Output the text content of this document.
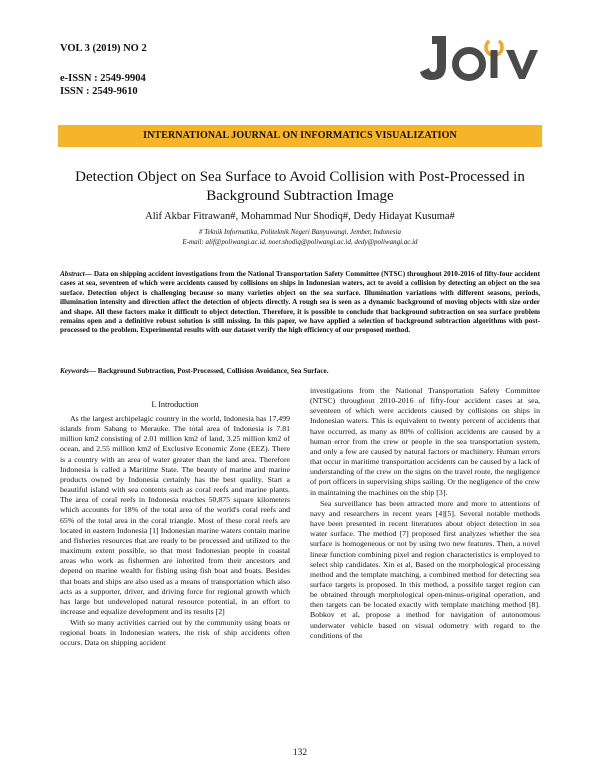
VOL 3 (2019) NO 2
e-ISSN : 2549-9904
ISSN : 2549-9610
INTERNATIONAL JOURNAL ON INFORMATICS VISUALIZATION
Detection Object on Sea Surface to Avoid Collision with Post-Processed in Background Subtraction Image
Alif Akbar Fitrawan#, Mohammad Nur Shodiq#, Dedy Hidayat Kusuma#
# Teknik Informatika, Politeknik Negeri Banyuwangi, Jember, Indonesia
E-mail: alif@poliwangi.ac.id, noer.shodiq@poliwangi.ac.id, dedy@poliwangi.ac.id

Abstract— Data on shipping accident investigations from the National Transportation Safety Committee (NTSC) throughout 2010-2016 of fifty-four accident cases at sea, seventeen of which were accidents caused by collisions on ships in Indonesian waters, act to avoid a collision by detecting an object on the sea surface. Detection object is challenging because so many varieties object on the sea surface. Illumination variations with different seasons, periods, illumination intensity and direction affect the detection of objects directly. A rough sea is seen as a dynamic background of moving objects with size order and shape. All these factors make it difficult to object detection. Therefore, it is possible to conclude that background subtraction on sea surface problem remains open and a definitive robust solution is still missing. In this paper, we have applied a selection of background subtraction algorithms with post-processed to the problem. Experimental results with our dataset verify the high efficiency of our proposed method.

Keywords— Background Subtraction, Post-Processed, Collision Avoidance, Sea Surface.
I. Introduction

As the largest archipelagic country in the world, Indonesia has 17,499 islands from Sabang to Merauke. The total area of Indonesia is 7.81 million km2 consisting of 2.01 million km2 of land, 3.25 million km2 of ocean, and 2.55 million km2 of Exclusive Economic Zone (EEZ). There is a country with an area of water greater than the land area. Therefore Indonesia is called a Maritime State. The beauty of marine and marine products owned by Indonesia certainly has the best quality. Start a beautiful island with sea contents such as coral reefs and marine plants. The area of coral reefs in Indonesia reaches 50,875 square kilometers which accounts for 18% of the total area of the world's coral reefs and 65% of the total area in the coral triangle. Most of these coral reefs are located in eastern Indonesia [1] Indonesian marine waters contain marine and fisheries resources that are ready to be processed and utilized to the maximum extent possible, so that most Indonesian people in coastal areas who work as fishermen are inherited from their ancestors and depend on marine wealth for fishing using fish boat and boats. Besides that boats and ships are also used as a means of transportation which also acts as a supporter, driver, and driving force for regional growth which has large but undeveloped natural resource potential, in an effort to increase and equalize development and its results [2]

With so many activities carried out by the community using boats or regional boats in Indonesian waters, the risk of ship accidents often occurs. Data on shipping accident

investigations from the National Transportation Safety Committee (NTSC) throughout 2010-2016 of fifty-four accident cases at sea, seventeen of which were accidents caused by collisions on ships in Indonesian waters. This is equivalent to twenty percent of accidents that have occurred, as many as 80% of collision accidents are caused by a human error from the crew or people in the sea transportation system, and only a few are caused by natural factors or machinery. Human errors that occur in maritime transportation accidents can be caused by a lack of understanding of the crew on the signs on the travel route, the negligence of port officers in supervising ships sailing. Or the negligence of the crew in maintaining the machines on the ship [3].

Sea surveillance has been attracted more and more to attentions of navy and researchers in recent years [4][5]. Several notable methods have been presented in recent literatures about object detection in sea water surface. The method [7] proposed first analyzes whether the sea surface is homogeneous or not by using two new features. Then, a novel linear function combining pixel and region characteristics is employed to select ship candidates. Xin et al, Based on the morphological processing method and the template matching, a combined method for detecting sea surface targets is proposed. In this method, a possible target region can be obtained through morphological open-minus-original operation, and then targets can be located exactly with template matching method [8]. Bobkov et al, propose a method for navigation of autonomous underwater vehicle based on visual odometry with regard to the conditions of the

132
